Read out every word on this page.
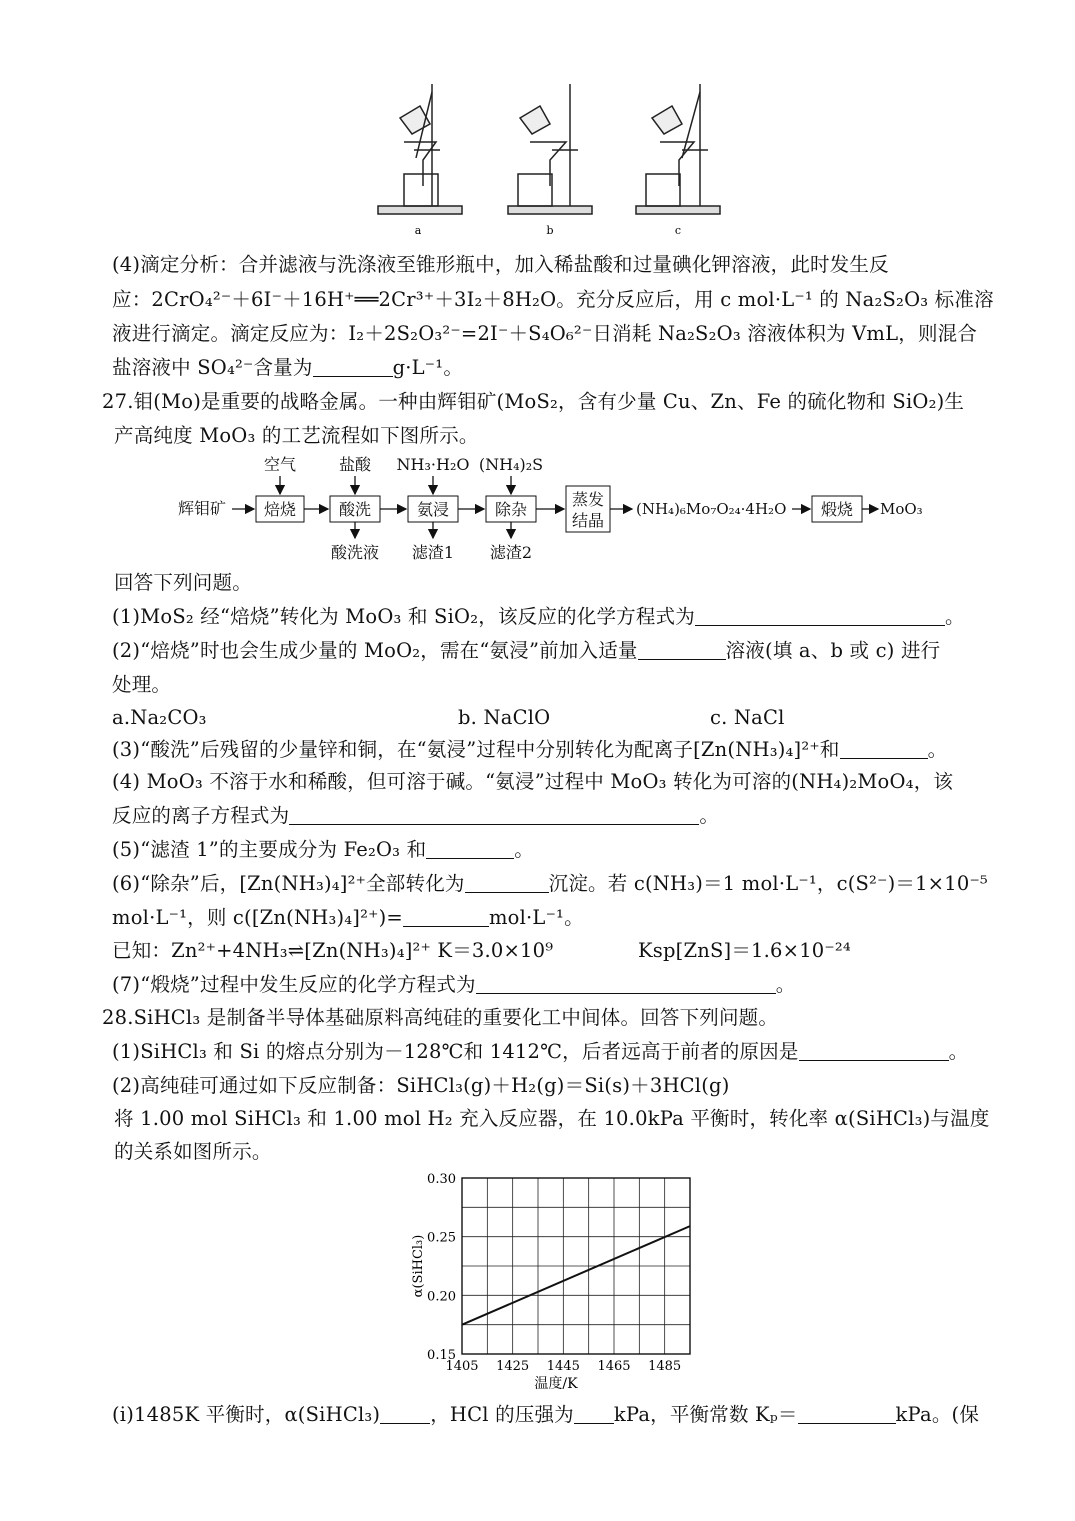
a	b	c
(4)滴定分析：合并滤液与洗涤液至锥形瓶中，加入稀盐酸和过量碘化钾溶液，此时发生反
应：2CrO₄²⁻＋6I⁻＋16H⁺══2Cr³⁺＋3I₂＋8H₂O。充分反应后，用 c mol·L⁻¹ 的 Na₂S₂O₃ 标准溶
液进行滴定。滴定反应为：I₂＋2S₂O₃²⁻=2I⁻＋S₄O₆²⁻日消耗 Na₂S₂O₃ 溶液体积为 VmL，则混合
盐溶液中 SO₄²⁻含量为	g·L⁻¹。
27.钼(Mo)是重要的战略金属。一种由辉钼矿(MoS₂，含有少量 Cu、Zn、Fe 的硫化物和 SiO₂)生
产高纯度 MoO₃ 的工艺流程如下图所示。
辉钼矿 焙烧
空气
酸洗
盐酸
酸洗液
氨浸
NH₃·H₂O
滤渣1
除杂
(NH₄)₂S
滤渣2
蒸发
结晶
(NH₄)₆Mo₇O₂₄·4H₂O 煅烧 MoO₃
回答下列问题。
(1)MoS₂ 经“焙烧”转化为 MoO₃ 和 SiO₂，该反应的化学方程式为	。
(2)“焙烧”时也会生成少量的 MoO₂，需在“氨浸”前加入适量	溶液(填 a、b 或 c) 进行
处理。
a.Na₂CO₃	b. NaClO	c. NaCl
(3)“酸洗”后残留的少量锌和铜，在“氨浸”过程中分别转化为配离子[Zn(NH₃)₄]²⁺和	。
(4) MoO₃ 不溶于水和稀酸，但可溶于碱。“氨浸”过程中 MoO₃ 转化为可溶的(NH₄)₂MoO₄，该
反应的离子方程式为	。
(5)“滤渣 1”的主要成分为 Fe₂O₃ 和	。
(6)“除杂”后，[Zn(NH₃)₄]²⁺全部转化为	沉淀。若 c(NH₃)＝1 mol·L⁻¹，c(S²⁻)＝1×10⁻⁵
mol·L⁻¹，则 c([Zn(NH₃)₄]²⁺)=	mol·L⁻¹。
已知：Zn²⁺+4NH₃⇌[Zn(NH₃)₄]²⁺ K＝3.0×10⁹	Ksp[ZnS]＝1.6×10⁻²⁴
(7)“煅烧”过程中发生反应的化学方程式为	。
28.SiHCl₃ 是制备半导体基础原料高纯硅的重要化工中间体。回答下列问题。
(1)SiHCl₃ 和 Si 的熔点分别为－128℃和 1412℃，后者远高于前者的原因是	。
(2)高纯硅可通过如下反应制备：SiHCl₃(g)＋H₂(g)＝Si(s)＋3HCl(g)
将 1.00 mol SiHCl₃ 和 1.00 mol H₂ 充入反应器，在 10.0kPa 平衡时，转化率 α(SiHCl₃)与温度
的关系如图所示。
1405 1425 1445 1465 1485
0.15
0.20
0.25
0.30
温度/K
α(SiHCl₃)
(i)1485K 平衡时，α(SiHCl₃)	，HCl 的压强为 kPa，平衡常数 Kₚ＝	kPa。(保
